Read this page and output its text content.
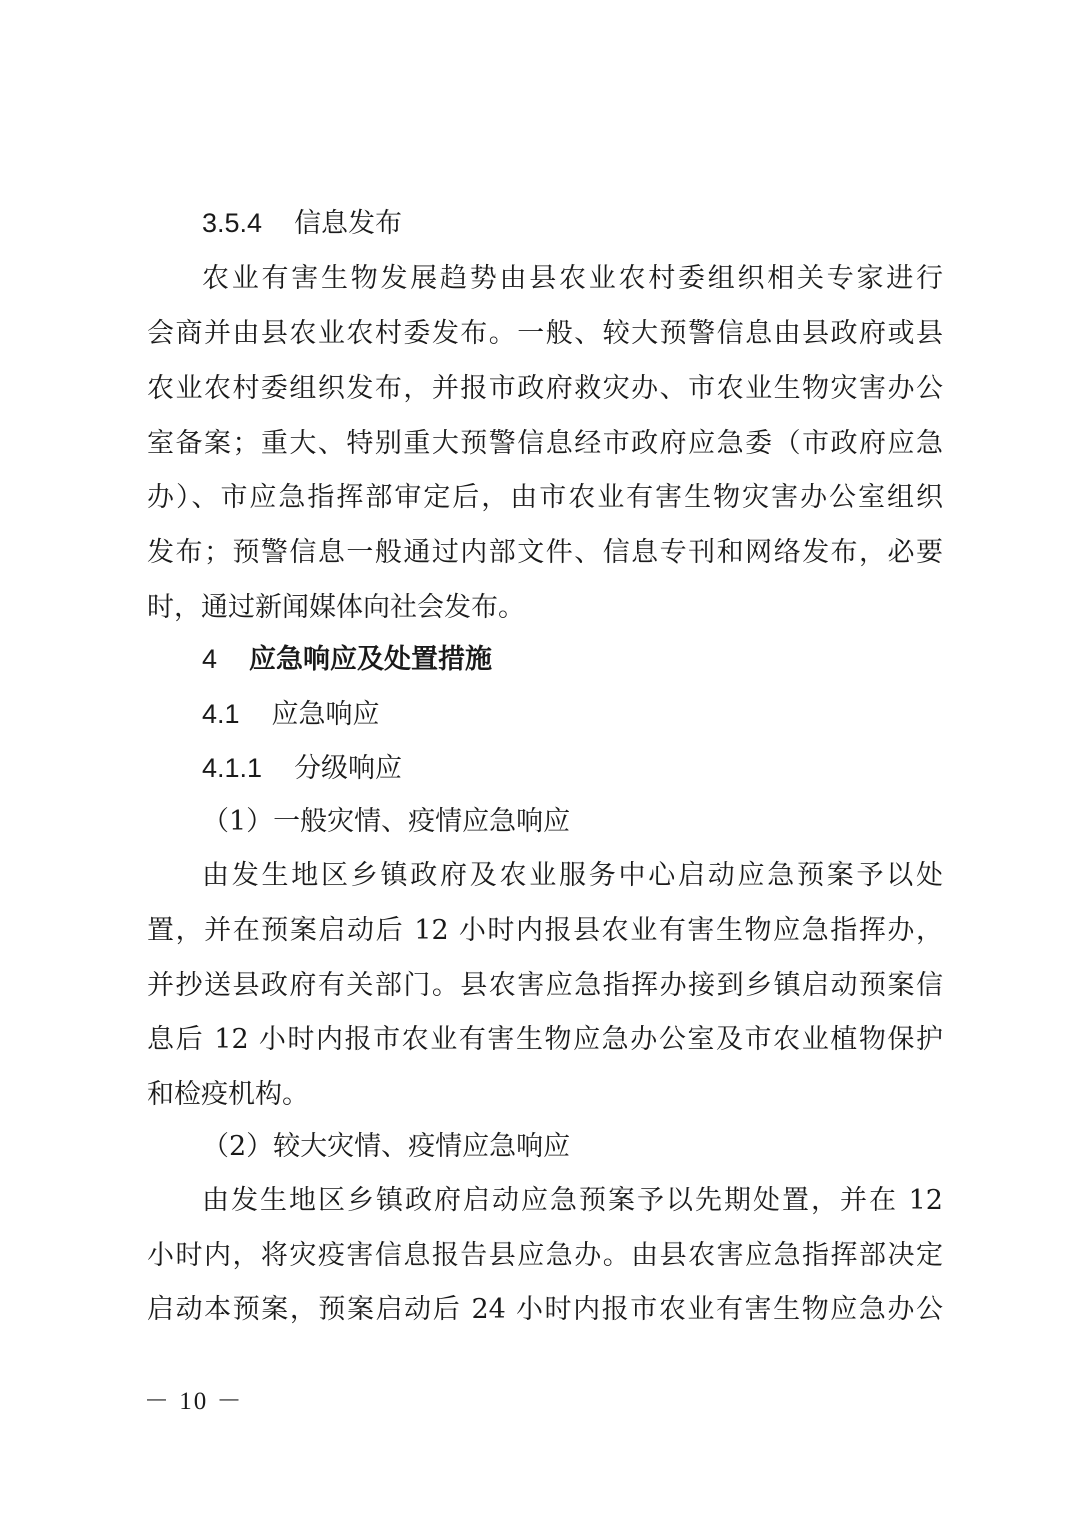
3.5.4 信息发布
农业有害生物发展趋势由县农业农村委组织相关专家进行
会商并由县农业农村委发布。一般、较大预警信息由县政府或县
农业农村委组织发布，并报市政府救灾办、市农业生物灾害办公
室备案；重大、特别重大预警信息经市政府应急委（市政府应急
办）、市应急指挥部审定后，由市农业有害生物灾害办公室组织
发布；预警信息一般通过内部文件、信息专刊和网络发布，必要
时，通过新闻媒体向社会发布。
4 应急响应及处置措施
4.1 应急响应
4.1.1 分级响应
（1）一般灾情、疫情应急响应
由发生地区乡镇政府及农业服务中心启动应急预案予以处
置，并在预案启动后 12 小时内报县农业有害生物应急指挥办，
并抄送县政府有关部门。县农害应急指挥办接到乡镇启动预案信
息后 12 小时内报市农业有害生物应急办公室及市农业植物保护
和检疫机构。
（2）较大灾情、疫情应急响应
由发生地区乡镇政府启动应急预案予以先期处置，并在 12
小时内，将灾疫害信息报告县应急办。由县农害应急指挥部决定
启动本预案，预案启动后 24 小时内报市农业有害生物应急办公
－ 10 －
